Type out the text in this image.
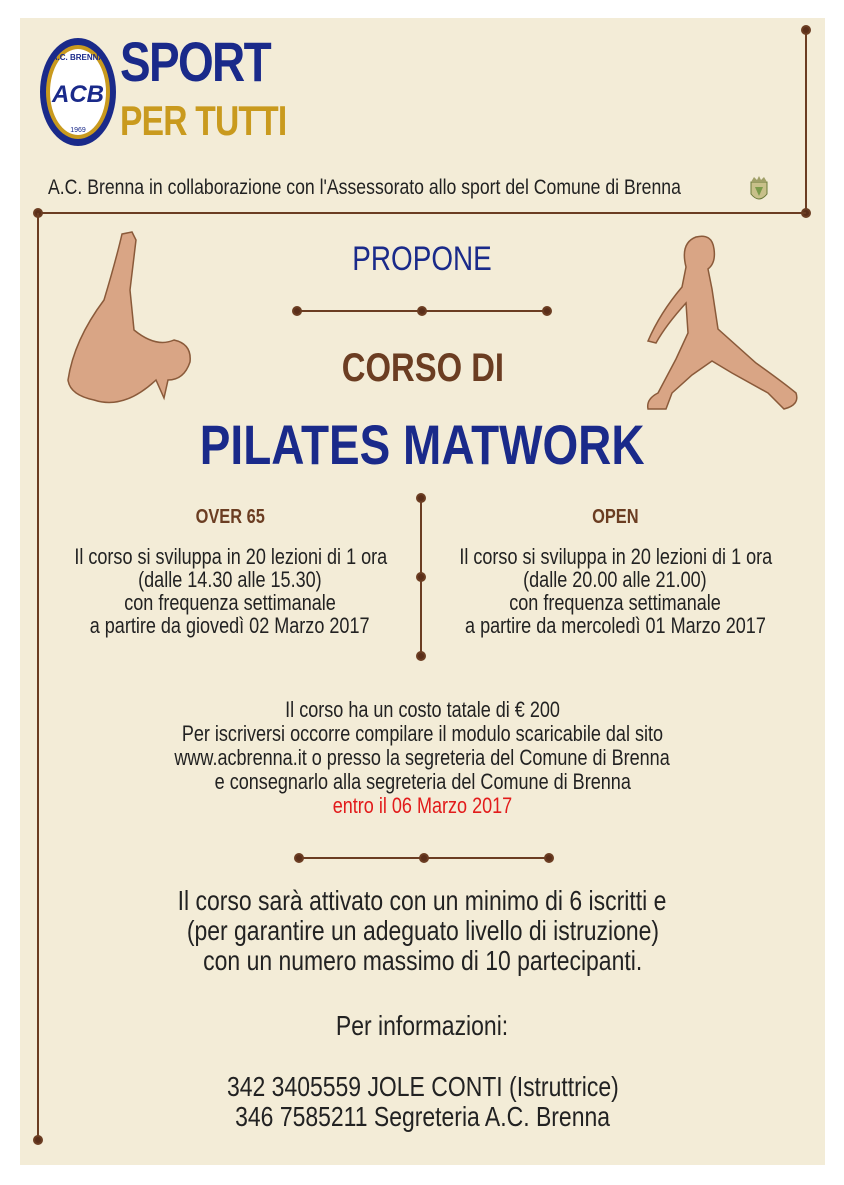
A.C. BRENNA
ACB
1969
SPORT
PER TUTTI
A.C. Brenna in collaborazione con l'Assessorato allo sport del Comune di Brenna
PROPONE
CORSO DI
PILATES MATWORK
OVER 65
Il corso si sviluppa in 20 lezioni di 1 ora
(dalle 14.30 alle 15.30)
con frequenza settimanale
a partire da giovedì 02 Marzo 2017
OPEN
Il corso si sviluppa in 20 lezioni di 1 ora
(dalle 20.00 alle 21.00)
con frequenza settimanale
a partire da mercoledì 01 Marzo 2017
Il corso ha un costo tatale di € 200
Per iscriversi occorre compilare il modulo scaricabile dal sito
www.acbrenna.it o presso la segreteria del Comune di Brenna
e consegnarlo alla segreteria del Comune di Brenna
entro il 06 Marzo 2017
Il corso sarà attivato con un minimo di 6 iscritti e
(per garantire un adeguato livello di istruzione)
con un numero massimo di 10 partecipanti.
Per informazioni:
342 3405559 JOLE CONTI (Istruttrice)
346 7585211 Segreteria A.C. Brenna
